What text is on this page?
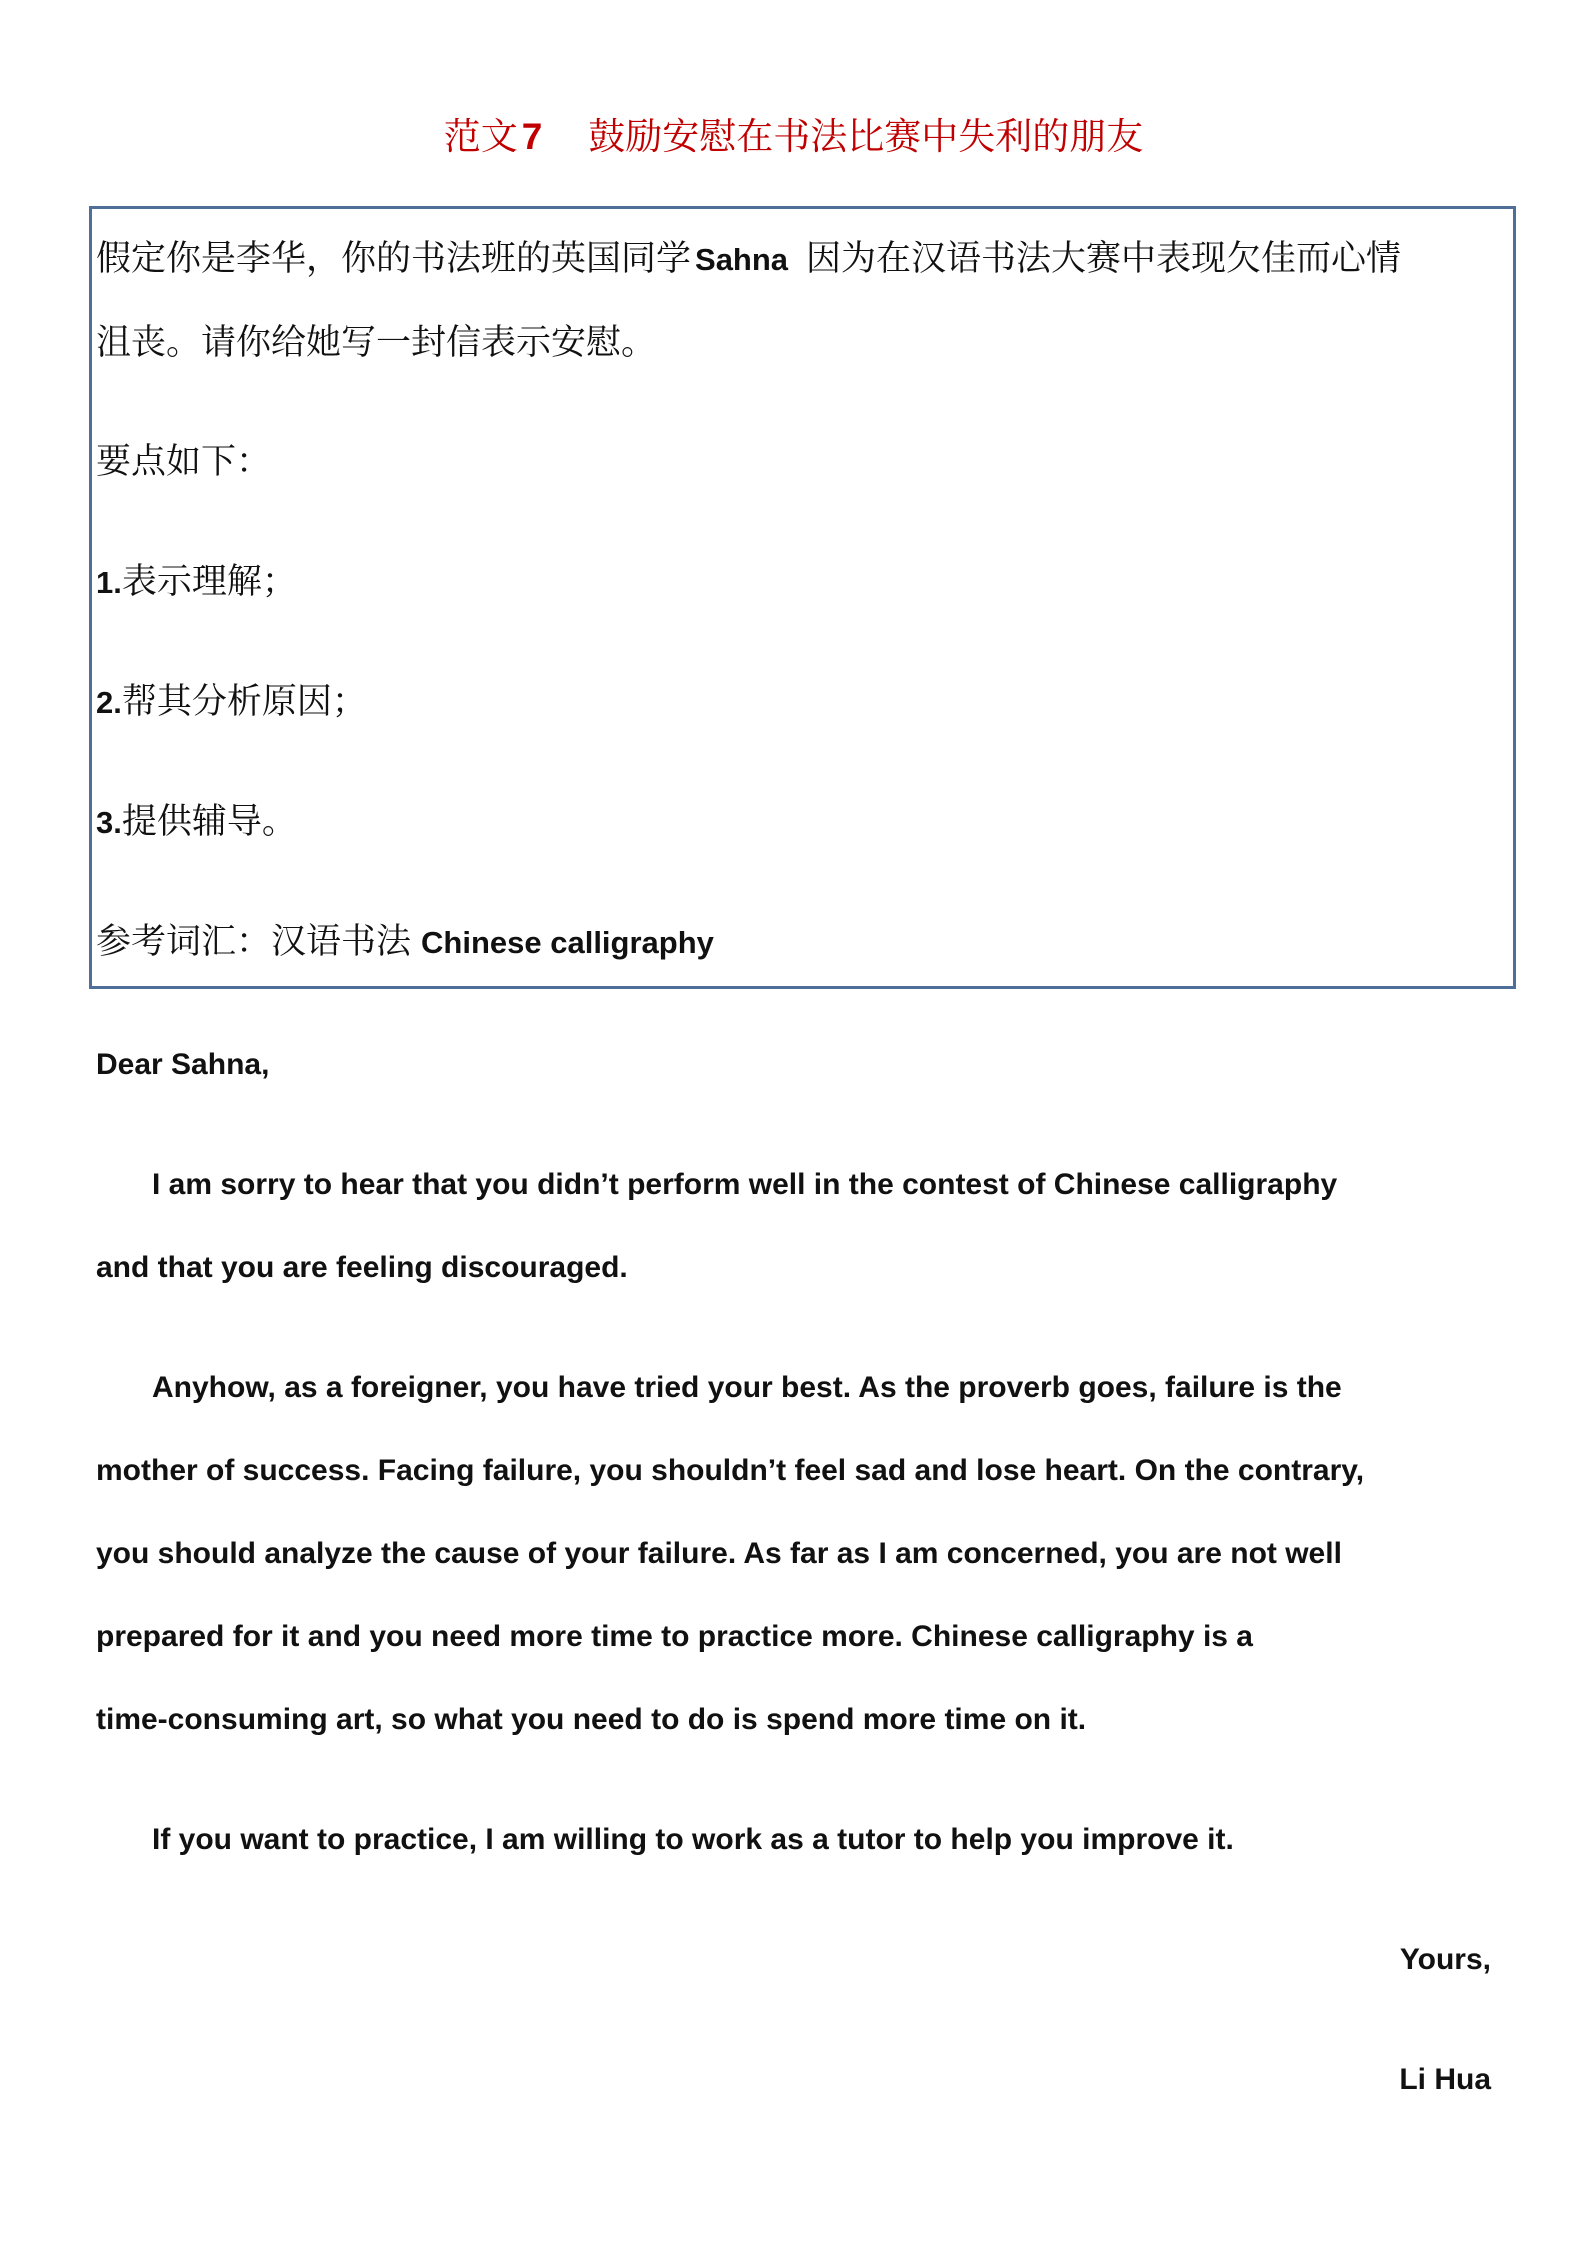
范文 7 鼓励安慰在书法比赛中失利的朋友
假定你是李华，你的书法班的英国同学 Sahna 因为在汉语书法大赛中表现欠佳而心情
沮丧。请你给她写一封信表示安慰。
要点如下：
1.表示理解；
2.帮其分析原因；
3.提供辅导。
参考词汇：汉语书法 Chinese calligraphy
Dear Sahna,
I am sorry to hear that you didn’t perform well in the contest of Chinese calligraphy
and that you are feeling discouraged.
Anyhow, as a foreigner, you have tried your best. As the proverb goes, failure is the
mother of success. Facing failure, you shouldn’t feel sad and lose heart. On the contrary,
you should analyze the cause of your failure. As far as I am concerned, you are not well
prepared for it and you need more time to practice more. Chinese calligraphy is a
time-consuming art, so what you need to do is spend more time on it.
If you want to practice, I am willing to work as a tutor to help you improve it.
Yours,
Li Hua
